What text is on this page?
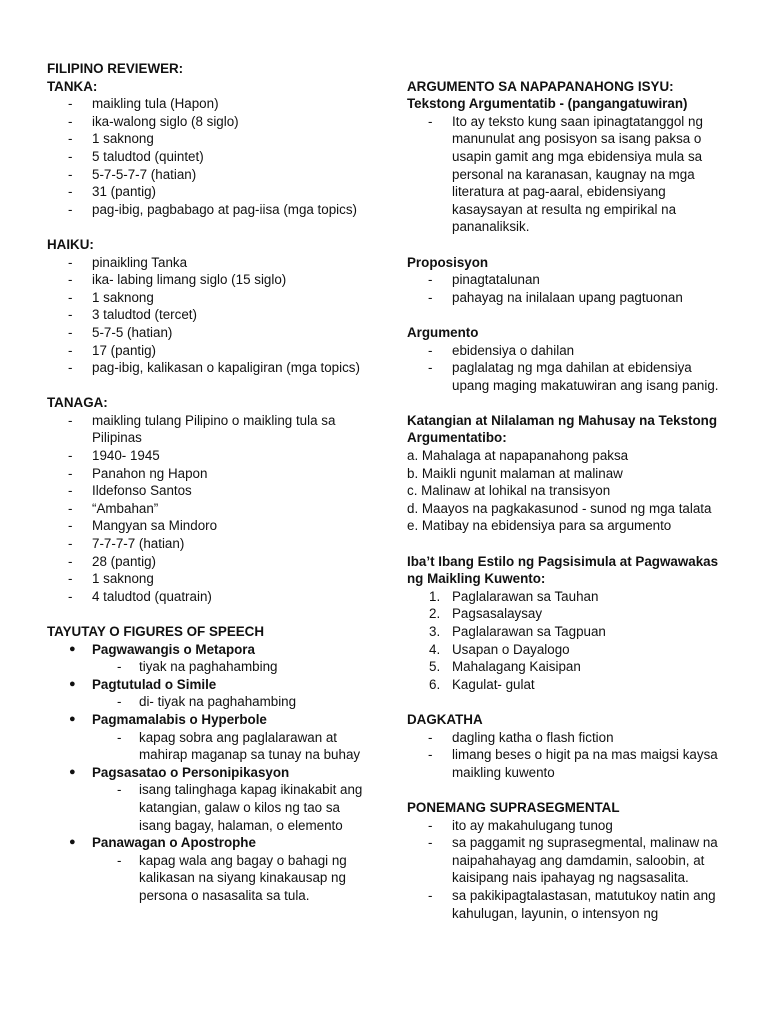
FILIPINO REVIEWER:
TANKA:
- maikling tula (Hapon)
- ika-walong siglo (8 siglo)
- 1 saknong
- 5 taludtod (quintet)
- 5-7-5-7-7 (hatian)
- 31 (pantig)
- pag-ibig, pagbabago at pag-iisa (mga topics)
HAIKU:
- pinaikling Tanka
- ika- labing limang siglo (15 siglo)
- 1 saknong
- 3 taludtod (tercet)
- 5-7-5 (hatian)
- 17 (pantig)
- pag-ibig, kalikasan o kapaligiran (mga topics)
TANAGA:
- maikling tulang Pilipino o maikling tula sa Pilipinas
- 1940- 1945
- Panahon ng Hapon
- Ildefonso Santos
- “Ambahan”
- Mangyan sa Mindoro
- 7-7-7-7 (hatian)
- 28 (pantig)
- 1 saknong
- 4 taludtod (quatrain)
TAYUTAY O FIGURES OF SPEECH
● Pagwawangis o Metapora
- tiyak na paghahambing
● Pagtutulad o Simile
- di- tiyak na paghahambing
● Pagmamalabis o Hyperbole
- kapag sobra ang paglalarawan at mahirap maganap sa tunay na buhay
● Pagsasatao o Personipikasyon
- isang talinghaga kapag ikinakabit ang katangian, galaw o kilos ng tao sa isang bagay, halaman, o elemento
● Panawagan o Apostrophe
- kapag wala ang bagay o bahagi ng kalikasan na siyang kinakausap ng persona o nasasalita sa tula.
ARGUMENTO SA NAPAPANAHONG ISYU:
Tekstong Argumentatib - (pangangatuwiran)
- Ito ay teksto kung saan ipinagtatanggol ng manunulat ang posisyon sa isang paksa o usapin gamit ang mga ebidensiya mula sa personal na karanasan, kaugnay na mga literatura at pag-aaral, ebidensiyang kasaysayan at resulta ng empirikal na pananaliksik.
Proposisyon
- pinagtatalunan
- pahayag na inilalaan upang pagtuonan
Argumento
- ebidensiya o dahilan
- paglalatag ng mga dahilan at ebidensiya upang maging makatuwiran ang isang panig.
Katangian at Nilalaman ng Mahusay na Tekstong Argumentatibo:
a. Mahalaga at napapanahong paksa
b. Maikli ngunit malaman at malinaw
c. Malinaw at lohikal na transisyon
d. Maayos na pagkakasunod - sunod ng mga talata
e. Matibay na ebidensiya para sa argumento
Iba’t Ibang Estilo ng Pagsisimula at Pagwawakas ng Maikling Kuwento:
1. Paglalarawan sa Tauhan
2. Pagsasalaysay
3. Paglalarawan sa Tagpuan
4. Usapan o Dayalogo
5. Mahalagang Kaisipan
6. Kagulat- gulat
DAGKATHA
- dagling katha o flash fiction
- limang beses o higit pa na mas maigsi kaysa maikling kuwento
PONEMANG SUPRASEGMENTAL
- ito ay makahulugang tunog
- sa paggamit ng suprasegmental, malinaw na naipahahayag ang damdamin, saloobin, at kaisipang nais ipahayag ng nagsasalita.
- sa pakikipagtalastasan, matutukoy natin ang kahulugan, layunin, o intensyon ng
